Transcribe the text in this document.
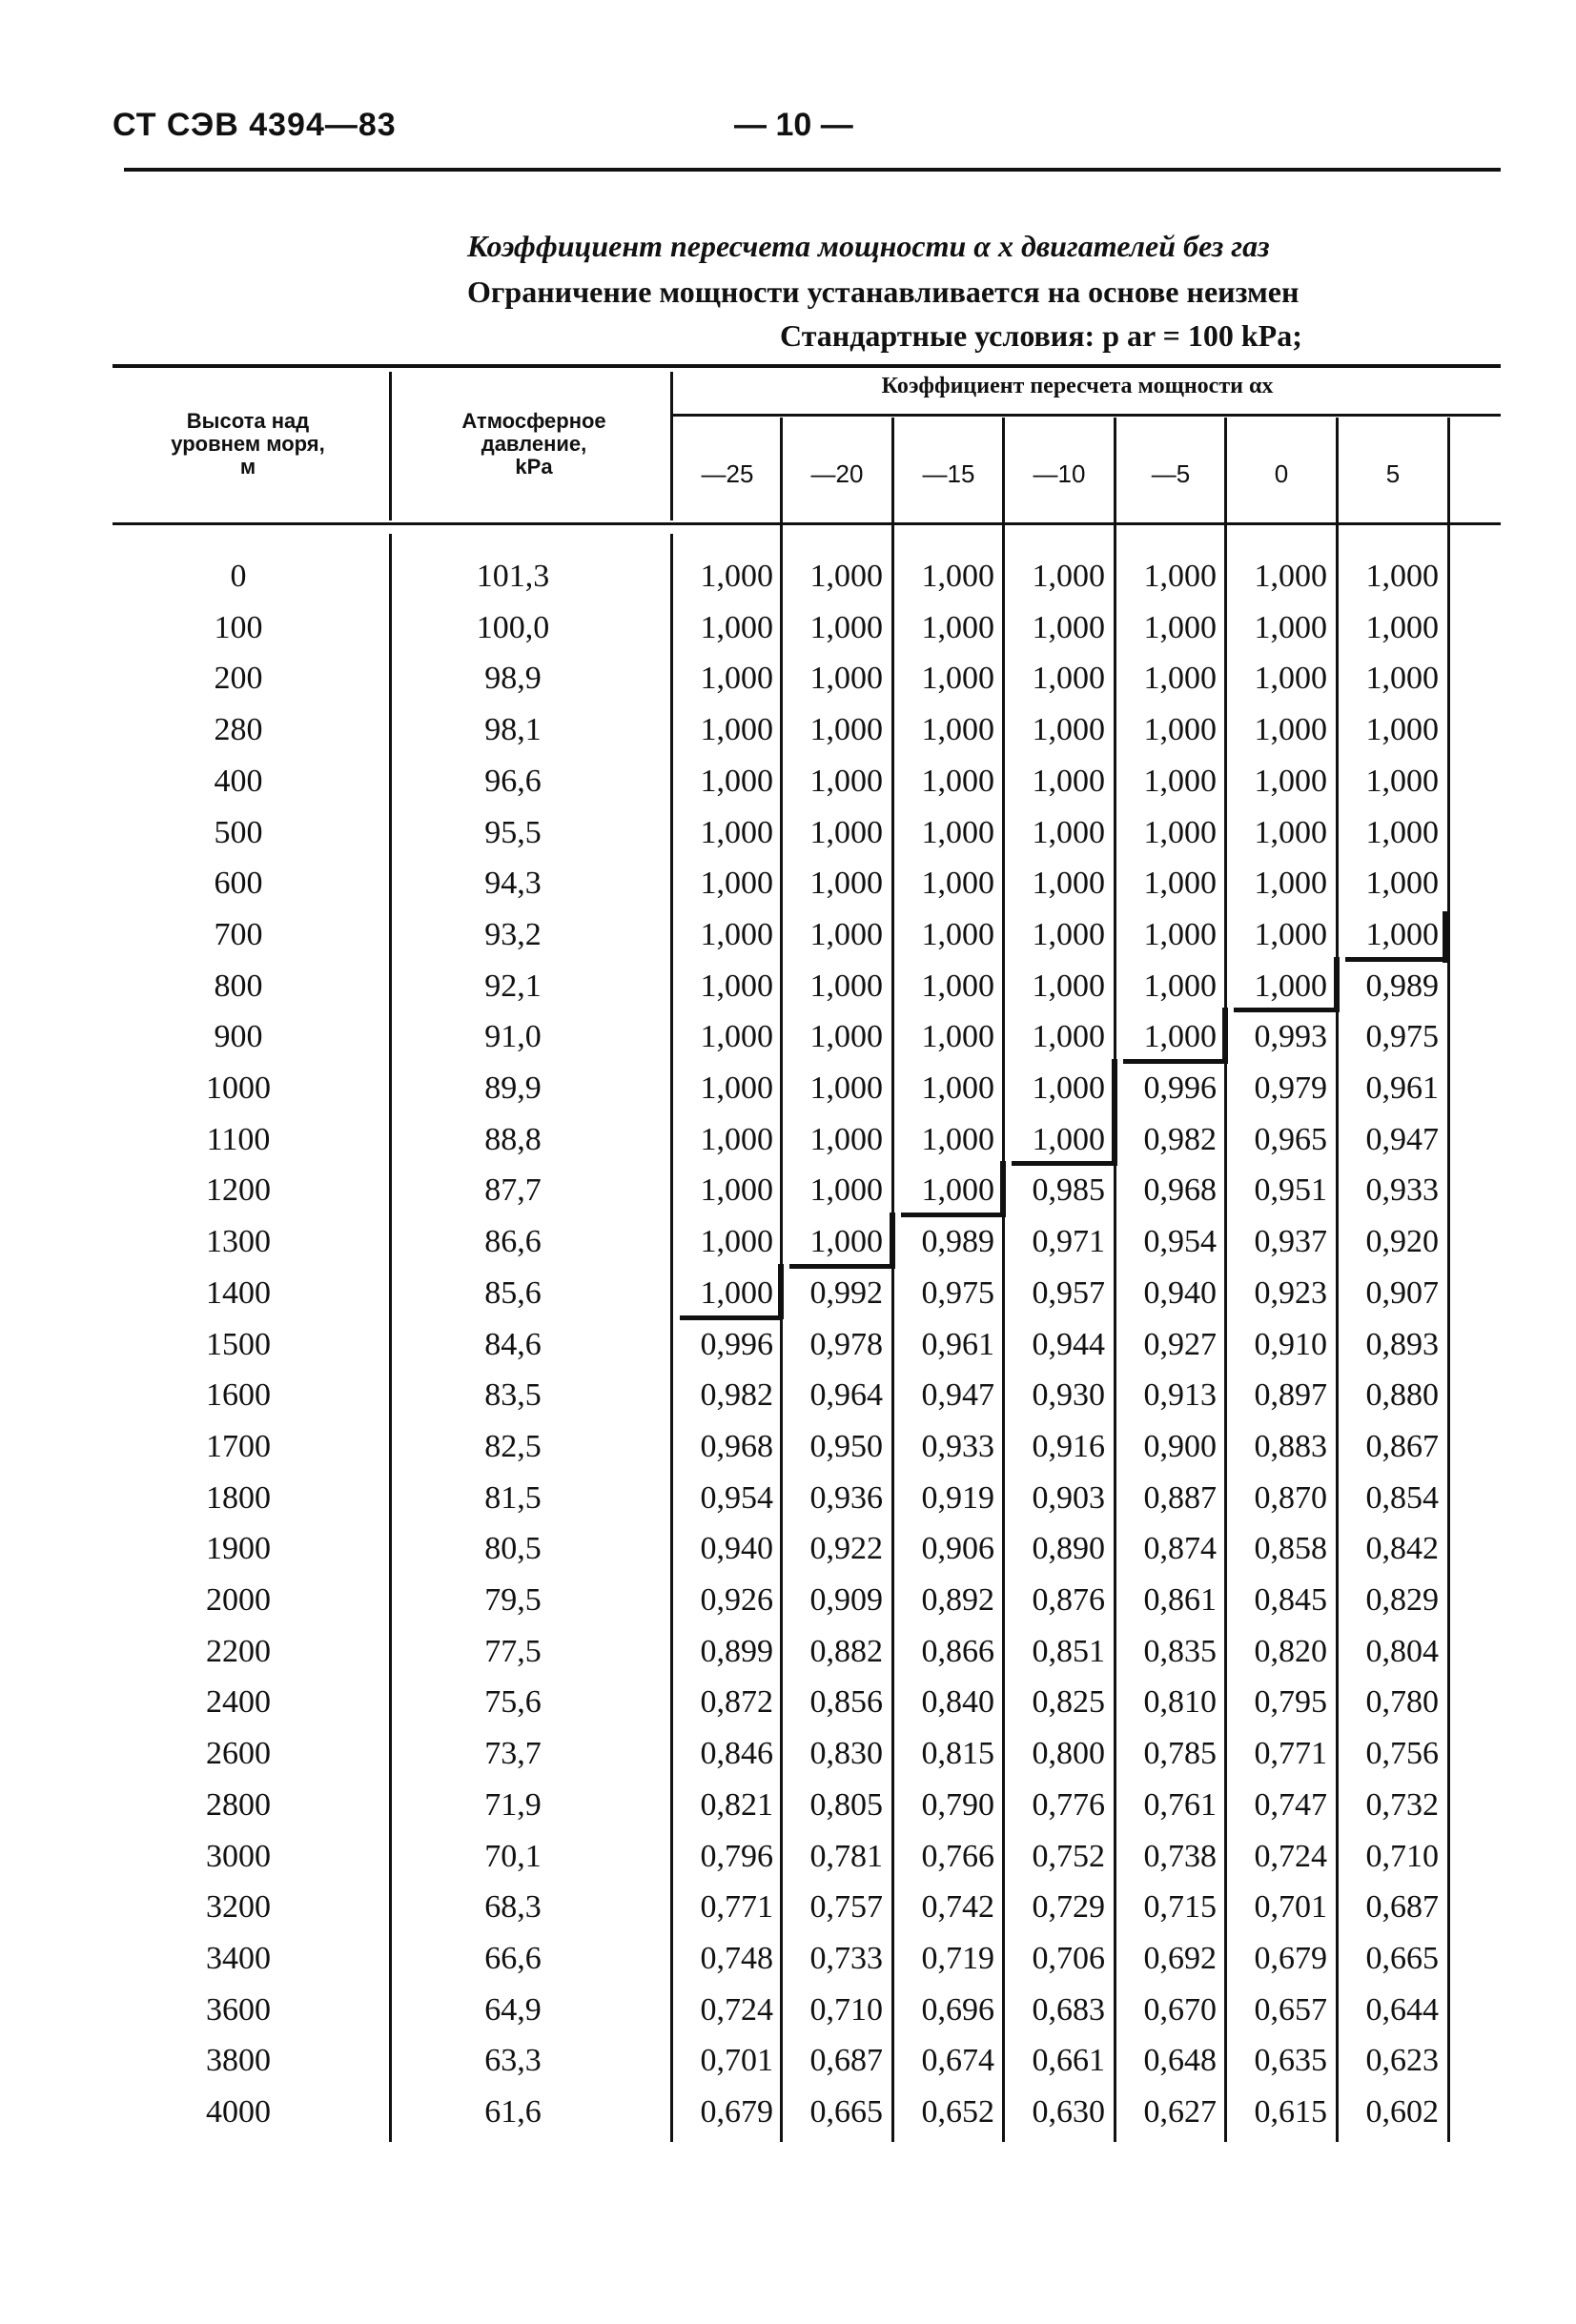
СТ СЭВ 4394—83	— 10 —
Коэффициент пересчета мощности α x двигателей без газ
Ограничение мощности устанавливается на основе неизмен
Стандартные условия: p ar = 100 kPa;
Высота над
уровнем моря,
м
Атмосферное
давление,
kPa
Коэффициент пересчета мощности αx
—25	—20	—15	—10	—5	0	5
0	101,3	1,000	1,000	1,000	1,000	1,000	1,000	1,000
100	100,0	1,000	1,000	1,000	1,000	1,000	1,000	1,000
200	98,9	1,000	1,000	1,000	1,000	1,000	1,000	1,000
280	98,1	1,000	1,000	1,000	1,000	1,000	1,000	1,000
400	96,6	1,000	1,000	1,000	1,000	1,000	1,000	1,000
500	95,5	1,000	1,000	1,000	1,000	1,000	1,000	1,000
600	94,3	1,000	1,000	1,000	1,000	1,000	1,000	1,000
700	93,2	1,000	1,000	1,000	1,000	1,000	1,000	1,000
800	92,1	1,000	1,000	1,000	1,000	1,000	1,000	0,989
900	91,0	1,000	1,000	1,000	1,000	1,000	0,993	0,975
1000	89,9	1,000	1,000	1,000	1,000	0,996	0,979	0,961
1100	88,8	1,000	1,000	1,000	1,000	0,982	0,965	0,947
1200	87,7	1,000	1,000	1,000	0,985	0,968	0,951	0,933
1300	86,6	1,000	1,000	0,989	0,971	0,954	0,937	0,920
1400	85,6	1,000	0,992	0,975	0,957	0,940	0,923	0,907
1500	84,6	0,996	0,978	0,961	0,944	0,927	0,910	0,893
1600	83,5	0,982	0,964	0,947	0,930	0,913	0,897	0,880
1700	82,5	0,968	0,950	0,933	0,916	0,900	0,883	0,867
1800	81,5	0,954	0,936	0,919	0,903	0,887	0,870	0,854
1900	80,5	0,940	0,922	0,906	0,890	0,874	0,858	0,842
2000	79,5	0,926	0,909	0,892	0,876	0,861	0,845	0,829
2200	77,5	0,899	0,882	0,866	0,851	0,835	0,820	0,804
2400	75,6	0,872	0,856	0,840	0,825	0,810	0,795	0,780
2600	73,7	0,846	0,830	0,815	0,800	0,785	0,771	0,756
2800	71,9	0,821	0,805	0,790	0,776	0,761	0,747	0,732
3000	70,1	0,796	0,781	0,766	0,752	0,738	0,724	0,710
3200	68,3	0,771	0,757	0,742	0,729	0,715	0,701	0,687
3400	66,6	0,748	0,733	0,719	0,706	0,692	0,679	0,665
3600	64,9	0,724	0,710	0,696	0,683	0,670	0,657	0,644
3800	63,3	0,701	0,687	0,674	0,661	0,648	0,635	0,623
4000	61,6	0,679	0,665	0,652	0,630	0,627	0,615	0,602
